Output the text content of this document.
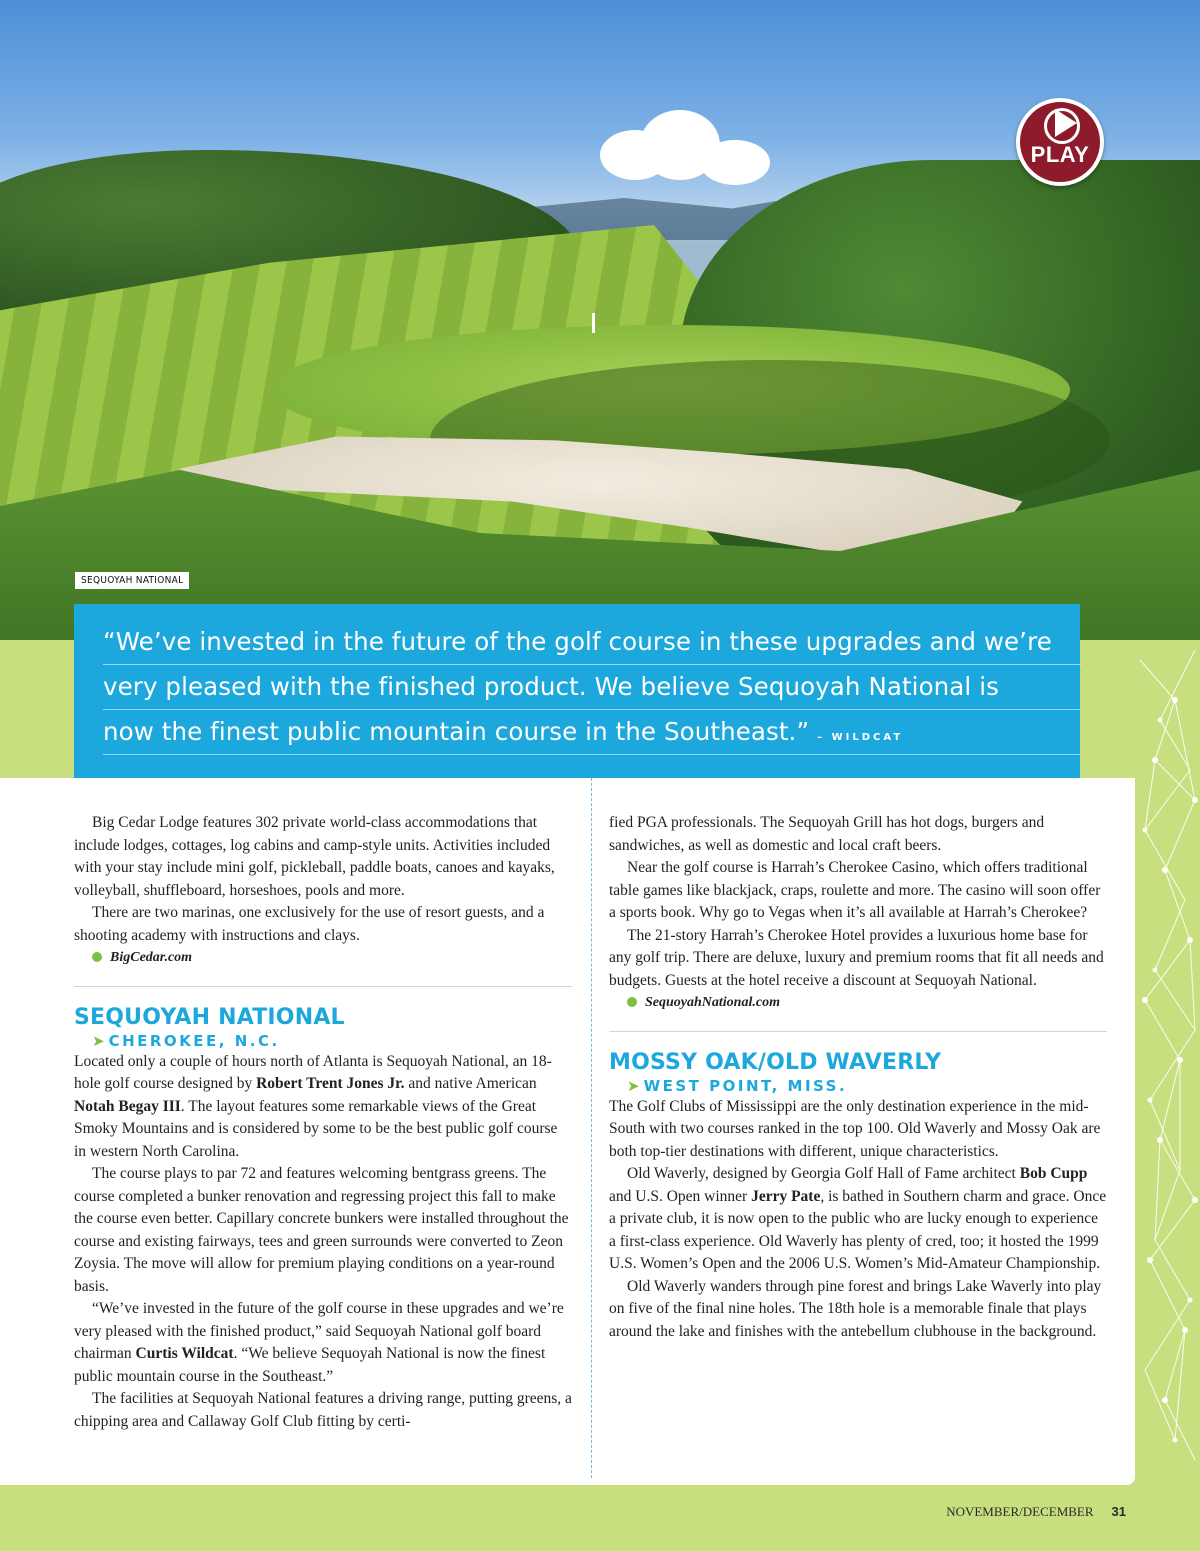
PLAY
SEQUOYAH NATIONAL

Big Cedar Lodge features 302 private world-class accommodations that include lodges, cottages, log cabins and camp-style units. Activities included with your stay include mini golf, pickleball, paddle boats, canoes and kayaks, volleyball, shuffleboard, horseshoes, pools and more.

There are two marinas, one exclusively for the use of resort guests, and a shooting academy with instructions and clays.

BigCedar.com

SEQUOYAH NATIONAL

➤ CHEROKEE, N.C.

Located only a couple of hours north of Atlanta is Sequoyah National, an 18-hole golf course designed by Robert Trent Jones Jr. and native American Notah Begay III. The layout features some remarkable views of the Great Smoky Mountains and is considered by some to be the best public golf course in western North Carolina.

The course plays to par 72 and features welcoming bentgrass greens. The course completed a bunker renovation and regressing project this fall to make the course even better. Capillary concrete bunkers were installed throughout the course and existing fairways, tees and green surrounds were converted to Zeon Zoysia. The move will allow for premium playing conditions on a year-round basis.

“We’ve invested in the future of the golf course in these upgrades and we’re very pleased with the finished product,” said Sequoyah National golf board chairman Curtis Wildcat. “We believe Sequoyah National is now the finest public mountain course in the Southeast.”

The facilities at Sequoyah National features a driving range, putting greens, a chipping area and Callaway Golf Club fitting by certi-

fied PGA professionals. The Sequoyah Grill has hot dogs, burgers and sandwiches, as well as domestic and local craft beers.

Near the golf course is Harrah’s Cherokee Casino, which offers traditional table games like blackjack, craps, roulette and more. The casino will soon offer a sports book. Why go to Vegas when it’s all available at Harrah’s Cherokee?

The 21-story Harrah’s Cherokee Hotel provides a luxurious home base for any golf trip. There are deluxe, luxury and premium rooms that fit all needs and budgets. Guests at the hotel receive a discount at Sequoyah National.

SequoyahNational.com

MOSSY OAK/OLD WAVERLY

➤ WEST POINT, MISS.

The Golf Clubs of Mississippi are the only destination experience in the mid-South with two courses ranked in the top 100. Old Waverly and Mossy Oak are both top-tier destinations with different, unique characteristics.

Old Waverly, designed by Georgia Golf Hall of Fame architect Bob Cupp and U.S. Open winner Jerry Pate, is bathed in Southern charm and grace. Once a private club, it is now open to the public who are lucky enough to experience a first-class experience. Old Waverly has plenty of cred, too; it hosted the 1999 U.S. Women’s Open and the 2006 U.S. Women’s Mid-Amateur Championship.

Old Waverly wanders through pine forest and brings Lake Waverly into play on five of the final nine holes. The 18th hole is a memorable finale that plays around the lake and finishes with the antebellum clubhouse in the background.

“We’ve invested in the future of the golf course in these upgrades and we’re
very pleased with the finished product. We believe Sequoyah National is
now the finest public mountain course in the Southeast.” – WILDCAT
NOVEMBER/DECEMBER 31
